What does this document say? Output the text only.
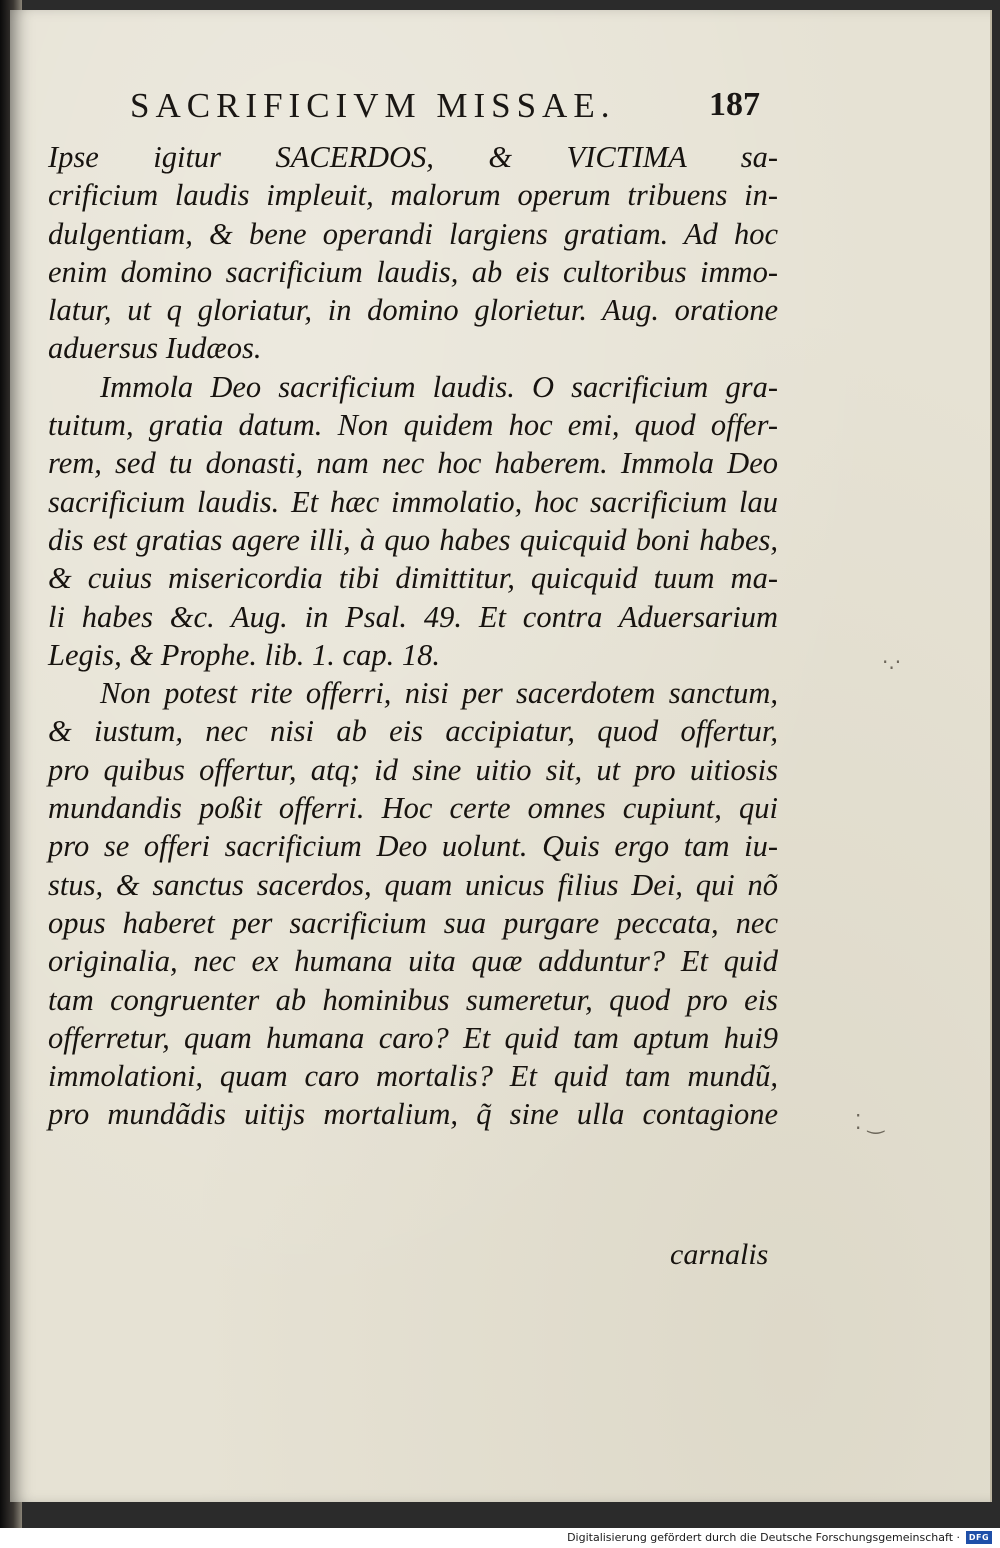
SACRIFICIVM MISSAE.	187
Ipse igitur SACERDOS, & VICTIMA sa-
crificium laudis impleuit, malorum operum tribuens in-
dulgentiam, & bene operandi largiens gratiam. Ad hoc
enim domino sacrificium laudis, ab eis cultoribus immo-
latur, ut q gloriatur, in domino glorietur. Aug. oratione
aduersus Iudæos.
Immola Deo sacrificium laudis. O sacrificium gra-
tuitum, gratia datum. Non quidem hoc emi, quod offer-
rem, sed tu donasti, nam nec hoc haberem. Immola Deo
sacrificium laudis. Et hæc immolatio, hoc sacrificium lau
dis est gratias agere illi, à quo habes quicquid boni habes,
& cuius misericordia tibi dimittitur, quicquid tuum ma-
li habes &c. Aug. in Psal. 49. Et contra Aduersarium
Legis, & Prophe. lib. 1. cap. 18.
Non potest rite offerri, nisi per sacerdotem sanctum,
& iustum, nec nisi ab eis accipiatur, quod offertur,
pro quibus offertur, atq; id sine uitio sit, ut pro uitiosis
mundandis poßit offerri. Hoc certe omnes cupiunt, qui
pro se offeri sacrificium Deo uolunt. Quis ergo tam iu-
stus, & sanctus sacerdos, quam unicus filius Dei, qui nõ
opus haberet per sacrificium sua purgare peccata, nec
originalia, nec ex humana uita quæ adduntur? Et quid
tam congruenter ab hominibus sumeretur, quod pro eis
offerretur, quam humana caro? Et quid tam aptum hui9
immolationi, quam caro mortalis? Et quid tam mundũ,
pro mundãdis uitijs mortalium, q̃ sine ulla contagione
carnalis
·.·
⁚ ‿
Digitalisierung gefördert durch die Deutsche Forschungsgemeinschaft ·	DFG
